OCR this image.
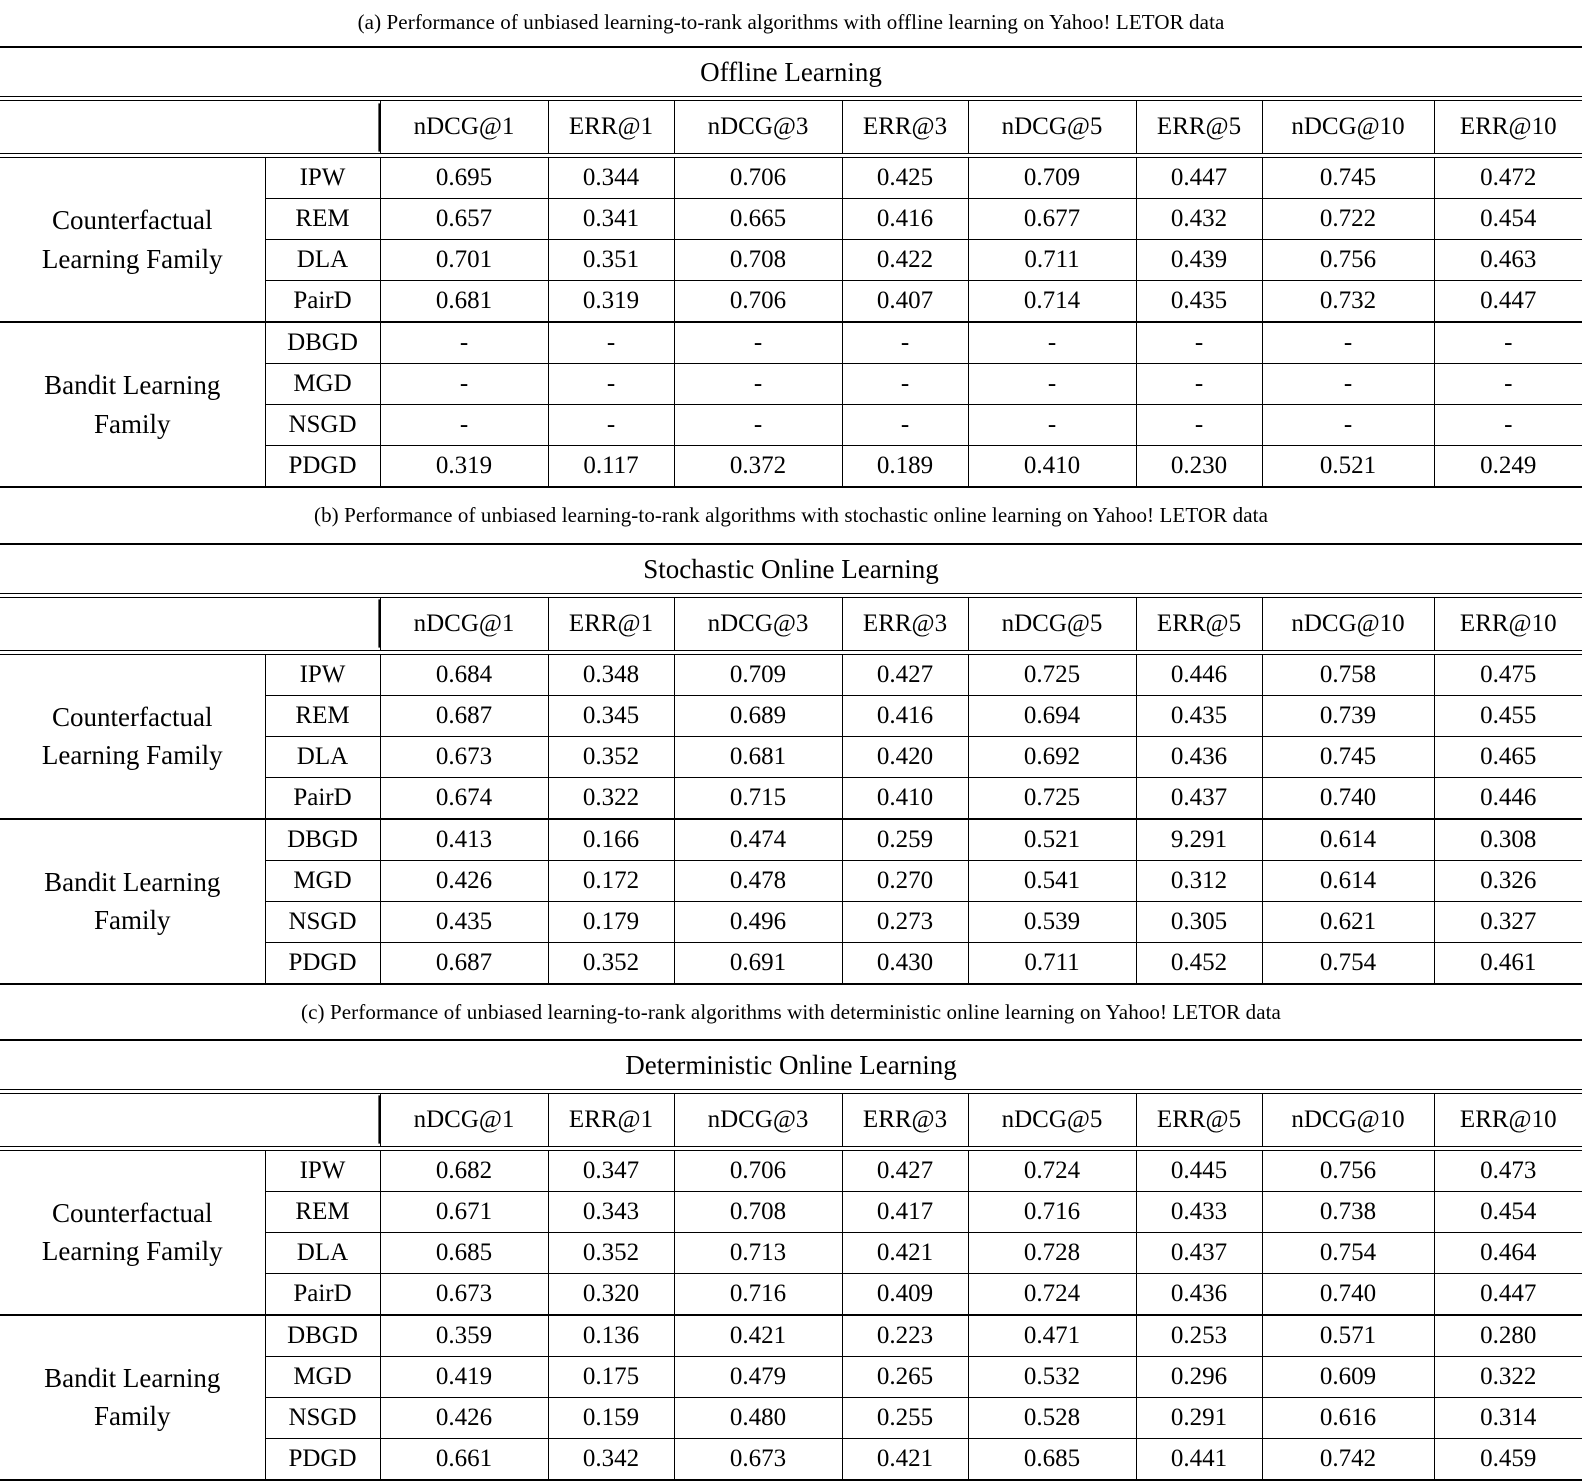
(a) Performance of unbiased learning-to-rank algorithms with offline learning on Yahoo! LETOR data

Offline Learning									

		nDCG@1	ERR@1	nDCG@3	ERR@3	nDCG@5	ERR@5	nDCG@10	ERR@10

Counterfactual
Learning Family	IPW	0.695	0.344	0.706	0.425	0.709	0.447	0.745	0.472
	REM	0.657	0.341	0.665	0.416	0.677	0.432	0.722	0.454
	DLA	0.701	0.351	0.708	0.422	0.711	0.439	0.756	0.463
	PairD	0.681	0.319	0.706	0.407	0.714	0.435	0.732	0.447

Bandit Learning
Family	DBGD	-	-	-	-	-	-	-	-
	MGD	-	-	-	-	-	-	-	-
	NSGD	-	-	-	-	-	-	-	-
	PDGD	0.319	0.117	0.372	0.189	0.410	0.230	0.521	0.249

(b) Performance of unbiased learning-to-rank algorithms with stochastic online learning on Yahoo! LETOR data

Stochastic Online Learning									

		nDCG@1	ERR@1	nDCG@3	ERR@3	nDCG@5	ERR@5	nDCG@10	ERR@10

Counterfactual
Learning Family	IPW	0.684	0.348	0.709	0.427	0.725	0.446	0.758	0.475
	REM	0.687	0.345	0.689	0.416	0.694	0.435	0.739	0.455
	DLA	0.673	0.352	0.681	0.420	0.692	0.436	0.745	0.465
	PairD	0.674	0.322	0.715	0.410	0.725	0.437	0.740	0.446

Bandit Learning
Family	DBGD	0.413	0.166	0.474	0.259	0.521	9.291	0.614	0.308
	MGD	0.426	0.172	0.478	0.270	0.541	0.312	0.614	0.326
	NSGD	0.435	0.179	0.496	0.273	0.539	0.305	0.621	0.327
	PDGD	0.687	0.352	0.691	0.430	0.711	0.452	0.754	0.461

(c) Performance of unbiased learning-to-rank algorithms with deterministic online learning on Yahoo! LETOR data

Deterministic Online Learning									

		nDCG@1	ERR@1	nDCG@3	ERR@3	nDCG@5	ERR@5	nDCG@10	ERR@10

Counterfactual
Learning Family	IPW	0.682	0.347	0.706	0.427	0.724	0.445	0.756	0.473
	REM	0.671	0.343	0.708	0.417	0.716	0.433	0.738	0.454
	DLA	0.685	0.352	0.713	0.421	0.728	0.437	0.754	0.464
	PairD	0.673	0.320	0.716	0.409	0.724	0.436	0.740	0.447

Bandit Learning
Family	DBGD	0.359	0.136	0.421	0.223	0.471	0.253	0.571	0.280
	MGD	0.419	0.175	0.479	0.265	0.532	0.296	0.609	0.322
	NSGD	0.426	0.159	0.480	0.255	0.528	0.291	0.616	0.314
	PDGD	0.661	0.342	0.673	0.421	0.685	0.441	0.742	0.459
